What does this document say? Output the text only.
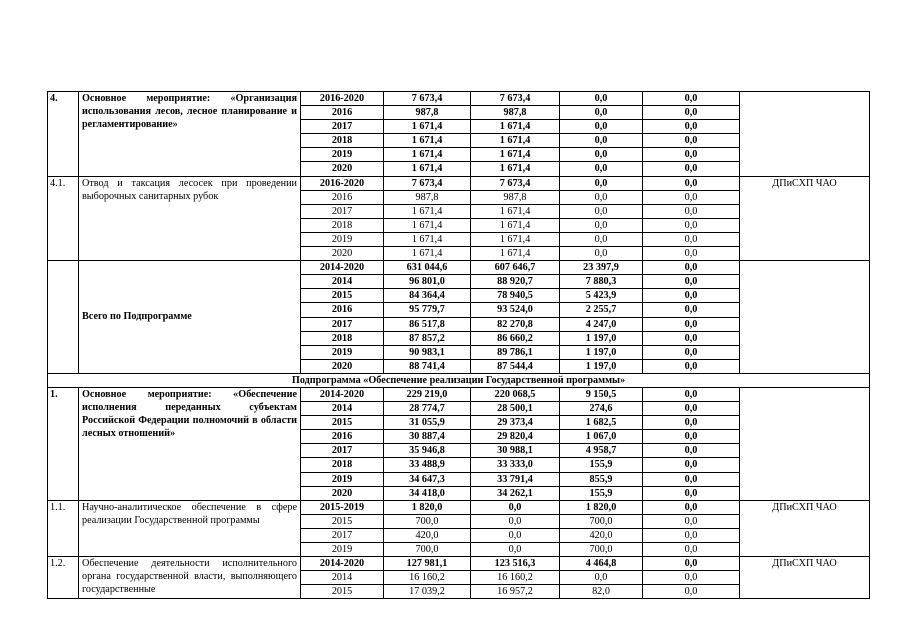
4.	Основное мероприятие: «Организация использования лесов, лесное планирование и регламентирование»	2016-2020	7 673,4	7 673,4	0,0	0,0	
		2016	987,8	987,8	0,0	0,0	
		2017	1 671,4	1 671,4	0,0	0,0	
		2018	1 671,4	1 671,4	0,0	0,0	
		2019	1 671,4	1 671,4	0,0	0,0	
		2020	1 671,4	1 671,4	0,0	0,0	
4.1.	Отвод и таксация лесосек при проведении выборочных санитарных рубок	2016-2020	7 673,4	7 673,4	0,0	0,0	ДПиСХП ЧАО
		2016	987,8	987,8	0,0	0,0	
		2017	1 671,4	1 671,4	0,0	0,0	
		2018	1 671,4	1 671,4	0,0	0,0	
		2019	1 671,4	1 671,4	0,0	0,0	
		2020	1 671,4	1 671,4	0,0	0,0	
	Всего по Подпрограмме	2014-2020	631 044,6	607 646,7	23 397,9	0,0	
		2014	96 801,0	88 920,7	7 880,3	0,0	
		2015	84 364,4	78 940,5	5 423,9	0,0	
		2016	95 779,7	93 524,0	2 255,7	0,0	
		2017	86 517,8	82 270,8	4 247,0	0,0	
		2018	87 857,2	86 660,2	1 197,0	0,0	
		2019	90 983,1	89 786,1	1 197,0	0,0	
		2020	88 741,4	87 544,4	1 197,0	0,0	
Подпрограмма «Обеспечение реализации Государственной программы»							
1.	Основное мероприятие: «Обеспечение исполнения переданных субъектам Российской Федерации полномочий в области лесных отношений»	2014-2020	229 219,0	220 068,5	9 150,5	0,0	
		2014	28 774,7	28 500,1	274,6	0,0	
		2015	31 055,9	29 373,4	1 682,5	0,0	
		2016	30 887,4	29 820,4	1 067,0	0,0	
		2017	35 946,8	30 988,1	4 958,7	0,0	
		2018	33 488,9	33 333,0	155,9	0,0	
		2019	34 647,3	33 791,4	855,9	0,0	
		2020	34 418,0	34 262,1	155,9	0,0	
1.1.	Научно-аналитическое обеспечение в сфере реализации Государственной программы	2015-2019	1 820,0	0,0	1 820,0	0,0	ДПиСХП ЧАО
		2015	700,0	0,0	700,0	0,0	
		2017	420,0	0,0	420,0	0,0	
		2019	700,0	0,0	700,0	0,0	
1.2.	Обеспечение деятельности исполнительного органа государственной власти, выполняющего государственные	2014-2020	127 981,1	123 516,3	4 464,8	0,0	ДПиСХП ЧАО
		2014	16 160,2	16 160,2	0,0	0,0	
		2015	17 039,2	16 957,2	82,0	0,0	
